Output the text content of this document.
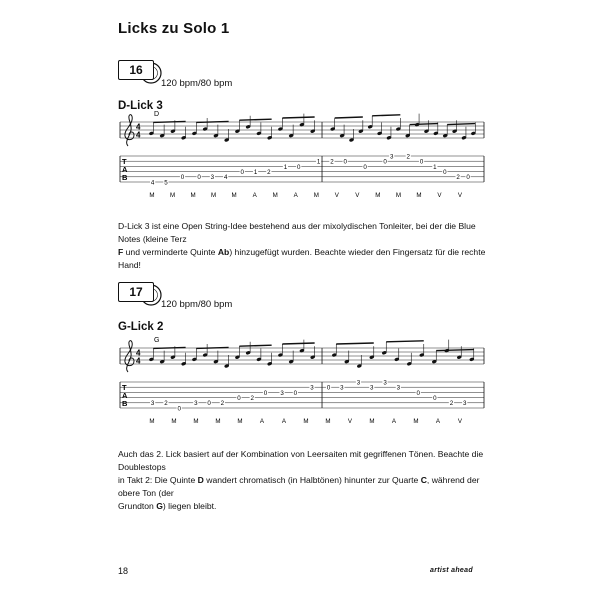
Licks zu Solo 1
16
120 bpm/80 bpm
D-Lick 3
D
4
4
T
A
B
4 5
0 0 3 4
0 1 2
1 0
1 2 0
0
0
3 2
0
1
0
2 0
M M M M M	A	M	A	M	V	V	M M M	V	V
D-Lick 3 ist eine Open String-Idee bestehend aus der mixolydischen Tonleiter, bei der die Blue Notes (kleine Terz
F und verminderte Quinte Ab) hinzugefügt wurden. Beachte wieder den Fingersatz für die rechte Hand!
17
120 bpm/80 bpm
G-Lick 2
G
4
4
T
A
B	3 2
0
3 0 2
0 2
0 3 0
3 0 3
3
3
3
3
0
0
2 3
M	M	M	M	M	A	A	M	M	V	M	A	M	A	V
Auch das 2. Lick basiert auf der Kombination von Leersaiten mit gegriffenen Tönen. Beachte die Doublestops
in Takt 2: Die Quinte D wandert chromatisch (in Halbtönen) hinunter zur Quarte C, während der obere Ton (der
Grundton G) liegen bleibt.
18	artist ahead
